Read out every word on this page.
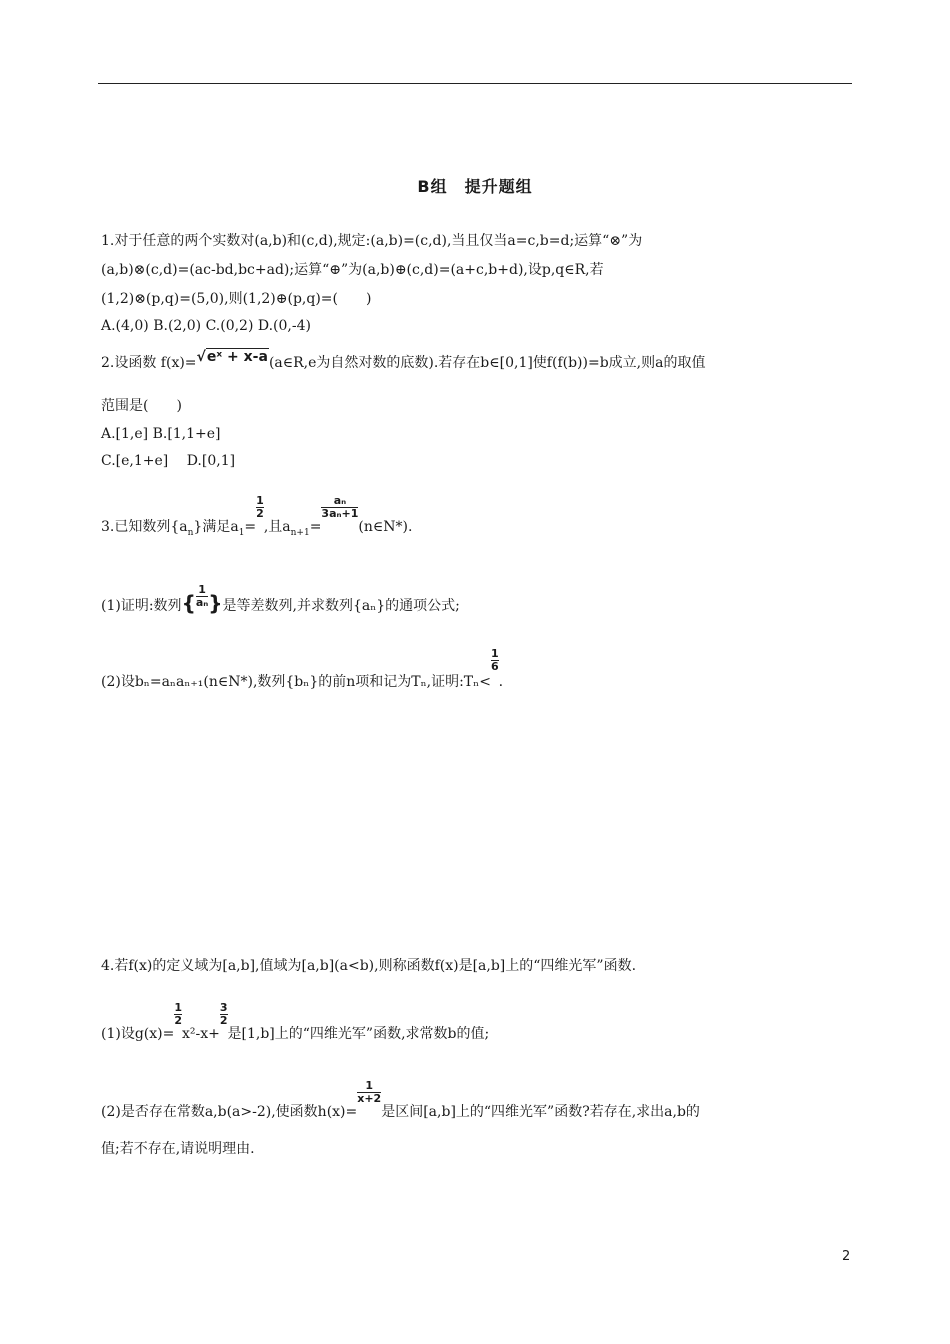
B组　提升题组
1.对于任意的两个实数对(a,b)和(c,d),规定:(a,b)=(c,d),当且仅当a=c,b=d;运算“⊗”为
(a,b)⊗(c,d)=(ac-bd,bc+ad);运算“⊕”为(a,b)⊕(c,d)=(a+c,b+d),设p,q∈R,若
(1,2)⊗(p,q)=(5,0),则(1,2)⊕(p,q)=(　　)
A.(4,0) B.(2,0) C.(0,2) D.(0,-4)
2.设函数 f(x)=√eˣ + x-a(a∈R,e为自然对数的底数).若存在b∈[0,1]使f(f(b))=b成立,则a的取值
范围是(　　)
A.[1,e] B.[1,1+e]
C.[e,1+e]　 D.[0,1]
3.已知数列$\{a_n\}$满足$a_1=$
$\frac{1}{2}$
,且$a_{n+1}=$
$\frac{\text{aₙ}}{\text{3aₙ+1}}$
(n∈N*).
(1)证明:数列{ $\frac{1}{\text{aₙ}}$ }是等差数列,并求数列{aₙ}的通项公式;
(2)设bₙ=aₙaₙ₊₁(n∈N*),数列{bₙ}的前n项和记为Tₙ,证明:Tₙ<
$\frac{1}{6}$
.
4.若f(x)的定义域为[a,b],值域为[a,b](a<b),则称函数f(x)是[a,b]上的“四维光军”函数.
(1)设g(x)=
$\frac{1}{2}$
x²-x+
$\frac{3}{2}$
是[1,b]上的“四维光军”函数,求常数b的值;
(2)是否存在常数a,b(a>-2),使函数h(x)=
$\frac{1}{x+2}$
是区间[a,b]上的“四维光军”函数?若存在,求出a,b的
值;若不存在,请说明理由.
2
